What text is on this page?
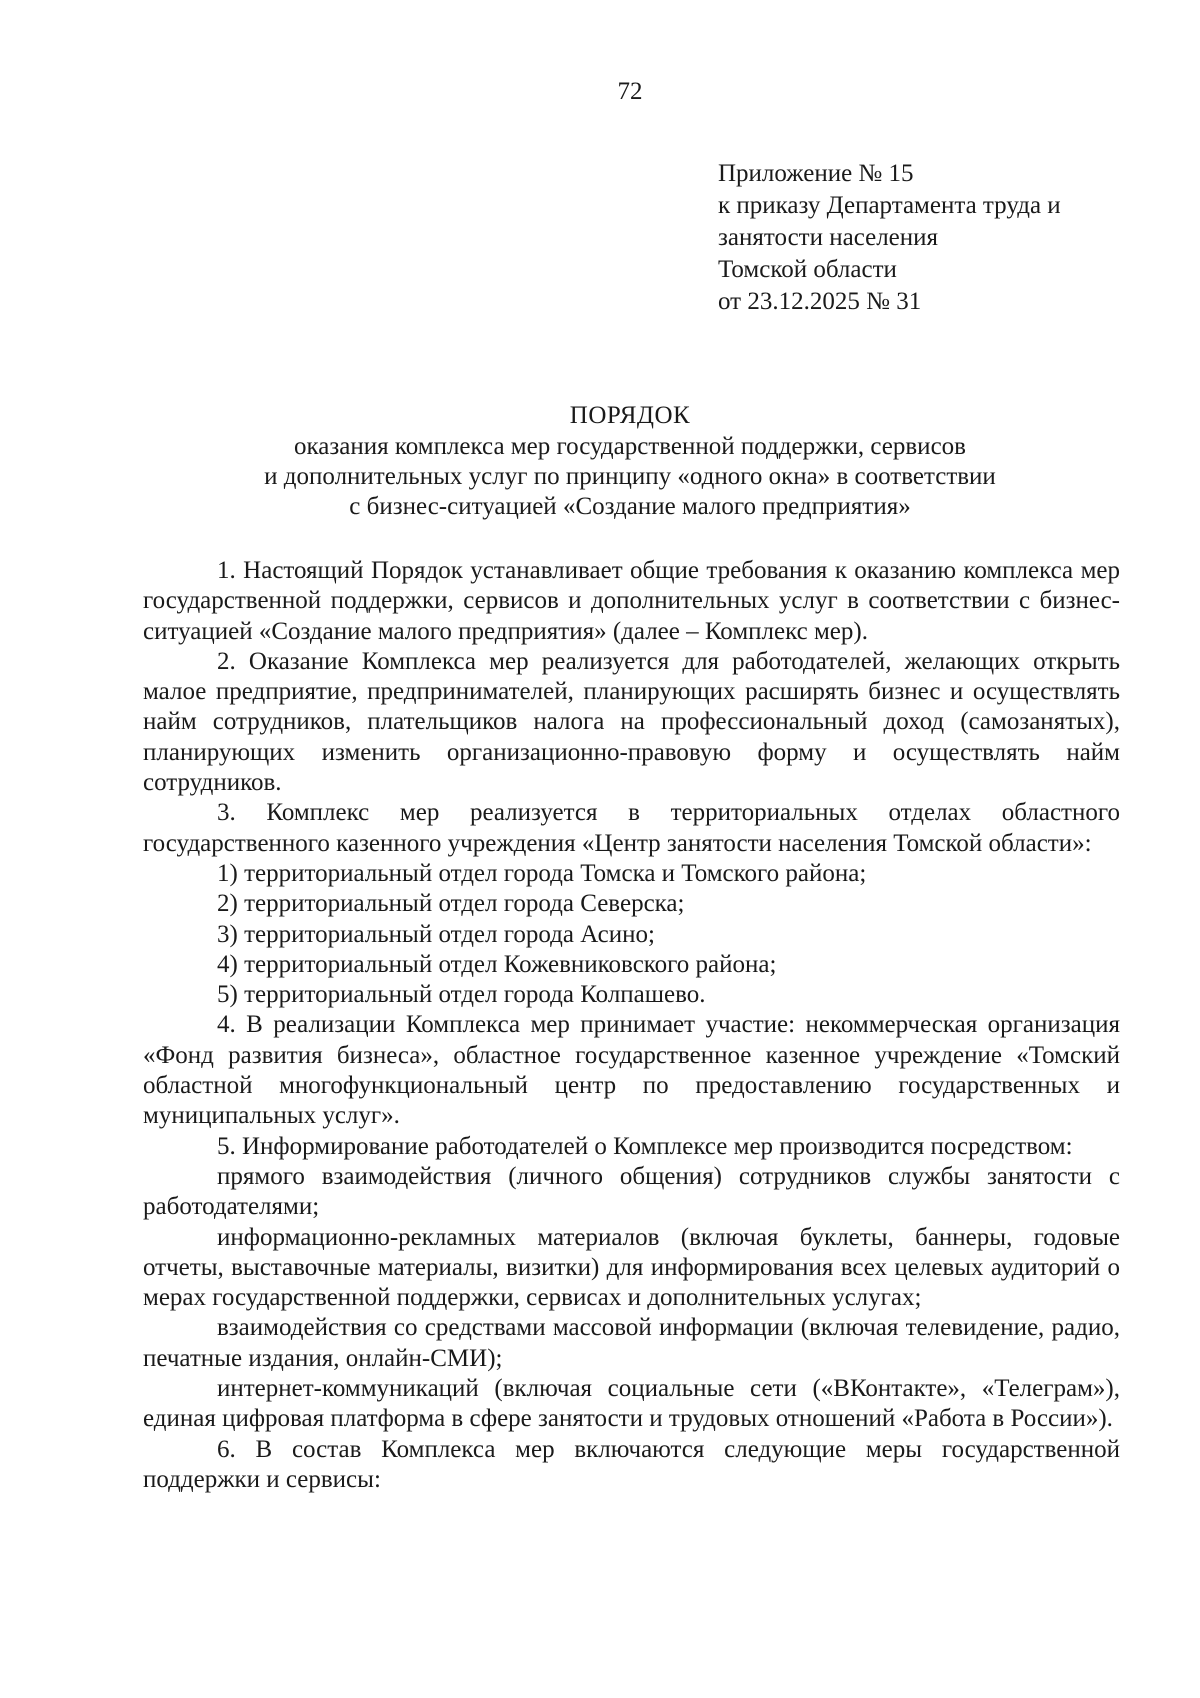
72
Приложение № 15
к приказу Департамента труда и
занятости населения
Томской области
от 23.12.2025 № 31
ПОРЯДОК
оказания комплекса мер государственной поддержки, сервисов
и дополнительных услуг по принципу «одного окна» в соответствии
с бизнес-ситуацией «Создание малого предприятия»

1. Настоящий Порядок устанавливает общие требования к оказанию комплекса мер государственной поддержки, сервисов и дополнительных услуг в соответствии с бизнес-ситуацией «Создание малого предприятия» (далее – Комплекс мер).

2. Оказание Комплекса мер реализуется для работодателей, желающих открыть малое предприятие, предпринимателей, планирующих расширять бизнес и осуществлять найм сотрудников, плательщиков налога на профессиональный доход (самозанятых), планирующих изменить организационно-правовую форму и осуществлять найм сотрудников.

3. Комплекс мер реализуется в территориальных отделах областного государственного казенного учреждения «Центр занятости населения Томской области»:

1) территориальный отдел города Томска и Томского района;

2) территориальный отдел города Северска;

3) территориальный отдел города Асино;

4) территориальный отдел Кожевниковского района;

5) территориальный отдел города Колпашево.

4. В реализации Комплекса мер принимает участие: некоммерческая организация «Фонд развития бизнеса», областное государственное казенное учреждение «Томский областной многофункциональный центр по предоставлению государственных и муниципальных услуг».

5. Информирование работодателей о Комплексе мер производится посредством:

прямого взаимодействия (личного общения) сотрудников службы занятости с работодателями;

информационно-рекламных материалов (включая буклеты, баннеры, годовые отчеты, выставочные материалы, визитки) для информирования всех целевых аудиторий о мерах государственной поддержки, сервисах и дополнительных услугах;

взаимодействия со средствами массовой информации (включая телевидение, радио, печатные издания, онлайн-СМИ);

интернет-коммуникаций (включая социальные сети («ВКонтакте», «Телеграм»), единая цифровая платформа в сфере занятости и трудовых отношений «Работа в России»).

6. В состав Комплекса мер включаются следующие меры государственной поддержки и сервисы:
